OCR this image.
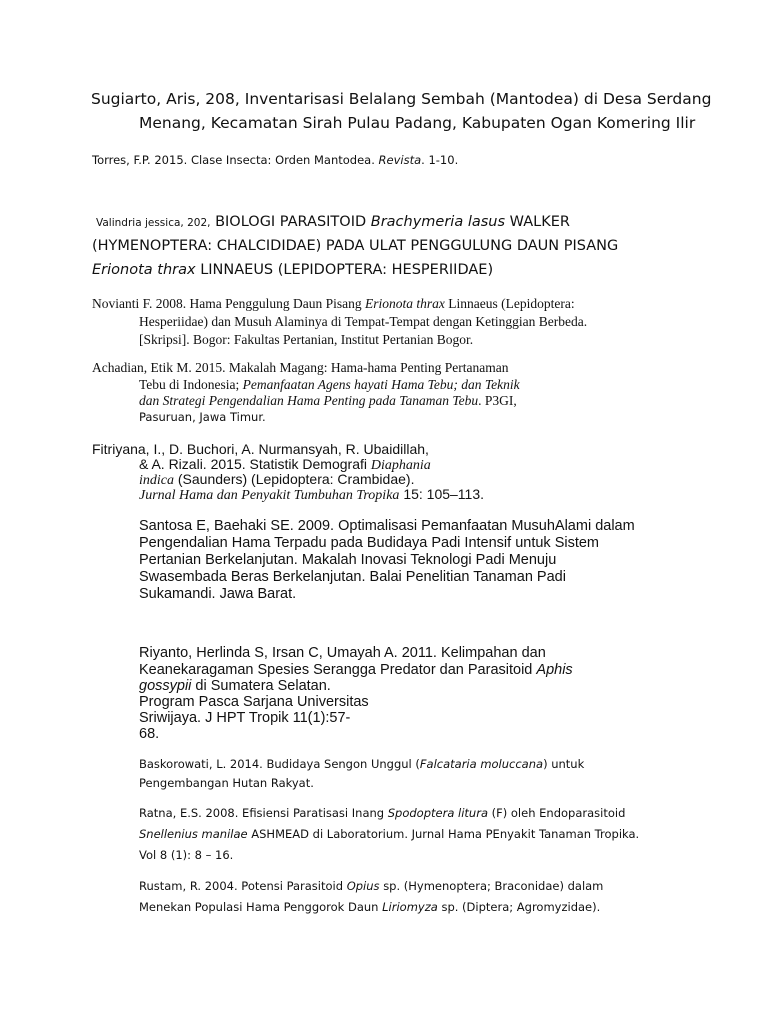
Sugiarto, Aris, 208, Inventarisasi Belalang Sembah (Mantodea) di Desa Serdang
Menang, Kecamatan Sirah Pulau Padang, Kabupaten Ogan Komering Ilir
Torres, F.P. 2015. Clase Insecta: Orden Mantodea. Revista. 1-10.
Valindria jessica, 202, BIOLOGI PARASITOID Brachymeria lasus WALKER
(HYMENOPTERA: CHALCIDIDAE) PADA ULAT PENGGULUNG DAUN PISANG
Erionota thrax LINNAEUS (LEPIDOPTERA: HESPERIIDAE)
Novianti F. 2008. Hama Penggulung Daun Pisang Erionota thrax Linnaeus (Lepidoptera:
Hesperiidae) dan Musuh Alaminya di Tempat-Tempat dengan Ketinggian Berbeda.
[Skripsi]. Bogor: Fakultas Pertanian, Institut Pertanian Bogor.
Achadian, Etik M. 2015. Makalah Magang: Hama-hama Penting Pertanaman
Tebu di Indonesia; Pemanfaatan Agens hayati Hama Tebu; dan Teknik
dan Strategi Pengendalian Hama Penting pada Tanaman Tebu. P3GI,
Pasuruan, Jawa Timur.
Fitriyana, I., D. Buchori, A. Nurmansyah, R. Ubaidillah,
& A. Rizali. 2015. Statistik Demografi Diaphania
indica (Saunders) (Lepidoptera: Crambidae).
Jurnal Hama dan Penyakit Tumbuhan Tropika 15: 105–113.
Santosa E, Baehaki SE. 2009. Optimalisasi Pemanfaatan MusuhAlami dalam
Pengendalian Hama Terpadu pada Budidaya Padi Intensif untuk Sistem
Pertanian Berkelanjutan. Makalah Inovasi Teknologi Padi Menuju
Swasembada Beras Berkelanjutan. Balai Penelitian Tanaman Padi
Sukamandi. Jawa Barat.
Riyanto, Herlinda S, Irsan C, Umayah A. 2011. Kelimpahan dan
Keanekaragaman Spesies Serangga Predator dan Parasitoid Aphis
gossypii di Sumatera Selatan.
Program Pasca Sarjana Universitas
Sriwijaya. J HPT Tropik 11(1):57-
68.
Baskorowati, L. 2014. Budidaya Sengon Unggul (Falcataria moluccana) untuk
Pengembangan Hutan Rakyat.
Ratna, E.S. 2008. Efisiensi Paratisasi Inang Spodoptera litura (F) oleh Endoparasitoid
Snellenius manilae ASHMEAD di Laboratorium. Jurnal Hama PEnyakit Tanaman Tropika.
Vol 8 (1): 8 – 16.
Rustam, R. 2004. Potensi Parasitoid Opius sp. (Hymenoptera; Braconidae) dalam
Menekan Populasi Hama Penggorok Daun Liriomyza sp. (Diptera; Agromyzidae).
